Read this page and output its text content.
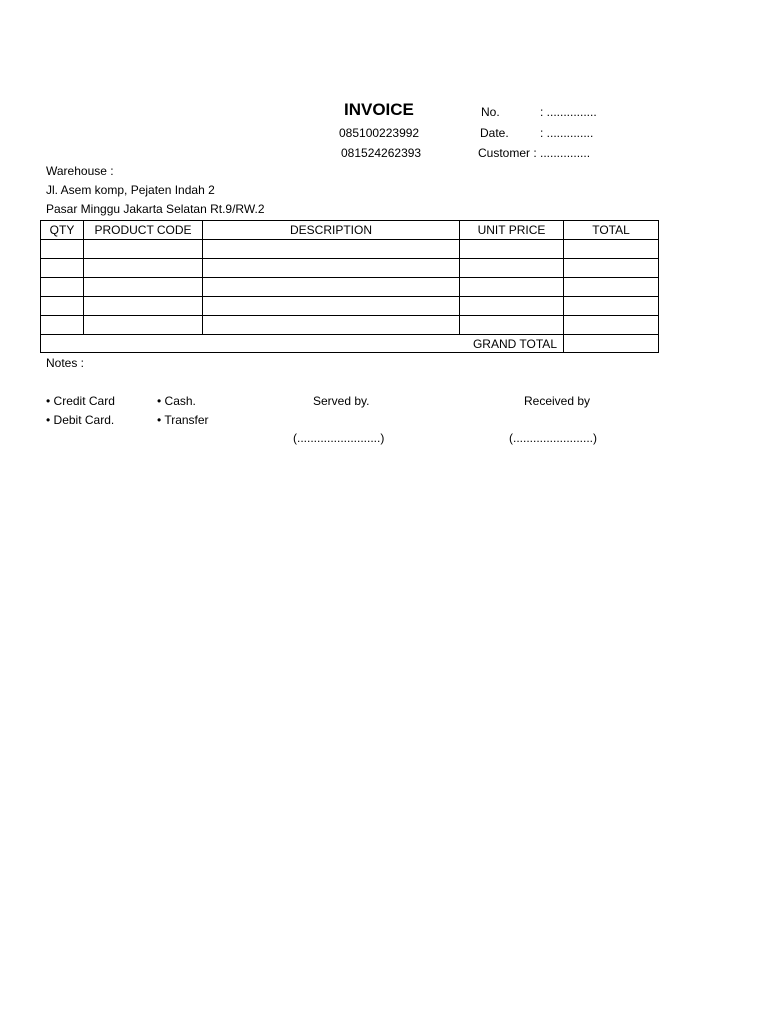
INVOICE	No.	: ...............
085100223992	Date.	: ..............
081524262393	Customer : ...............
Warehouse :
Jl. Asem komp, Pejaten Indah 2
Pasar Minggu Jakarta Selatan Rt.9/RW.2
QTY	PRODUCT CODE	DESCRIPTION	UNIT PRICE	TOTAL

GRAND TOTAL				
Notes :
• Credit Card	• Cash.	Served by.	Received by
• Debit Card.	• Transfer
(.........................)	(........................)
